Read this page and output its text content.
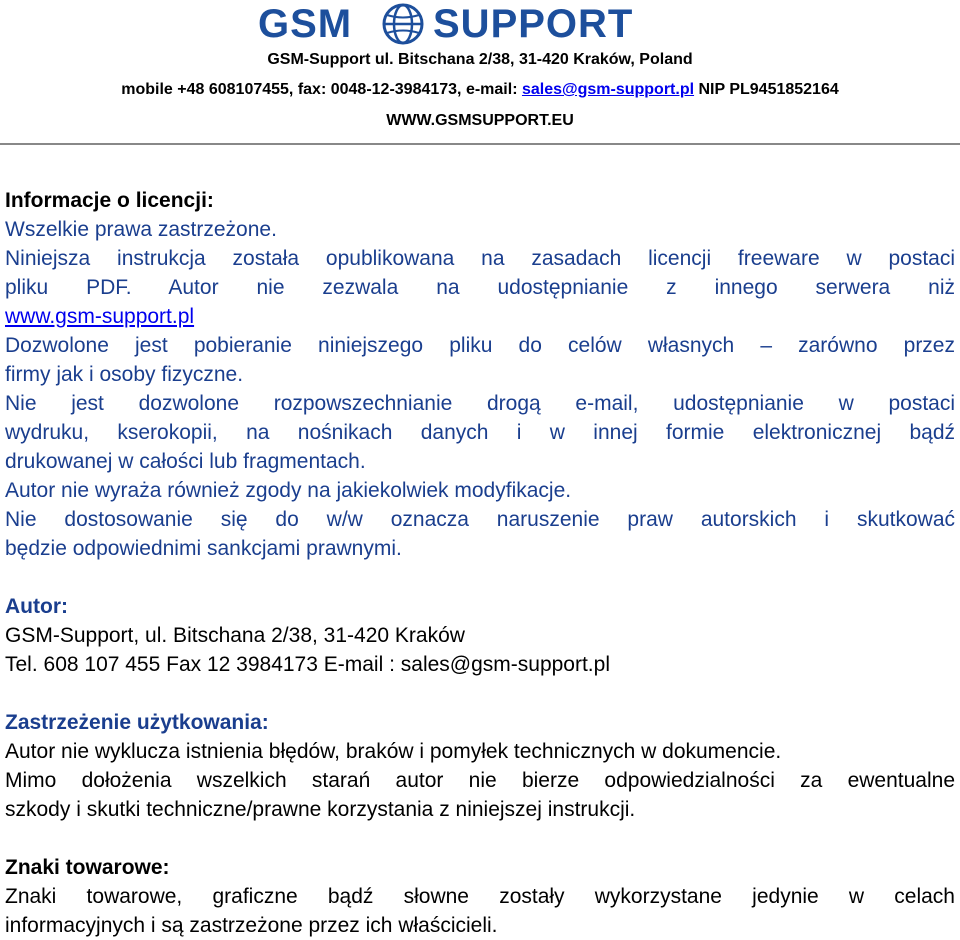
GSM SUPPORT
GSM-Support ul. Bitschana 2/38, 31-420 Kraków, Poland
mobile +48 608107455, fax: 0048-12-3984173, e-mail: sales@gsm-support.pl NIP PL9451852164
WWW.GSMSUPPORT.EU

Informacje o licencji:

Wszelkie prawa zastrzeżone.

Niniejsza instrukcja została opublikowana na zasadach licencji freeware w postaci

pliku PDF. Autor nie zezwala na udostępnianie z innego serwera niż

www.gsm-support.pl

Dozwolone jest pobieranie niniejszego pliku do celów własnych – zarówno przez

firmy jak i osoby fizyczne.

Nie jest dozwolone rozpowszechnianie drogą e-mail, udostępnianie w postaci

wydruku, kserokopii, na nośnikach danych i w innej formie elektronicznej bądź

drukowanej w całości lub fragmentach.

Autor nie wyraża również zgody na jakiekolwiek modyfikacje.

Nie dostosowanie się do w/w oznacza naruszenie praw autorskich i skutkować

będzie odpowiednimi sankcjami prawnymi.

Autor:

GSM-Support, ul. Bitschana 2/38, 31-420 Kraków

Tel. 608 107 455 Fax 12 3984173 E-mail : sales@gsm-support.pl

Zastrzeżenie użytkowania:

Autor nie wyklucza istnienia błędów, braków i pomyłek technicznych w dokumencie.

Mimo dołożenia wszelkich starań autor nie bierze odpowiedzialności za ewentualne

szkody i skutki techniczne/prawne korzystania z niniejszej instrukcji.

Znaki towarowe:

Znaki towarowe, graficzne bądź słowne zostały wykorzystane jedynie w celach

informacyjnych i są zastrzeżone przez ich właścicieli.
